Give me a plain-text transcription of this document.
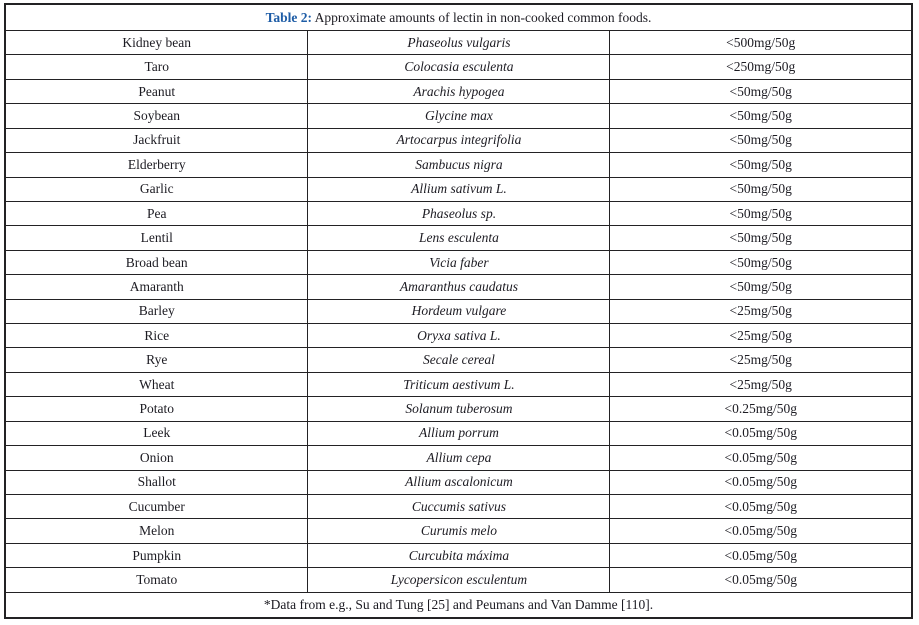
Table 2: Approximate amounts of lectin in non-cooked common foods.		
Kidney bean	Phaseolus vulgaris	<500mg/50g
Taro	Colocasia esculenta	<250mg/50g
Peanut	Arachis hypogea	<50mg/50g
Soybean	Glycine max	<50mg/50g
Jackfruit	Artocarpus integrifolia	<50mg/50g
Elderberry	Sambucus nigra	<50mg/50g
Garlic	Allium sativum L.	<50mg/50g
Pea	Phaseolus sp.	<50mg/50g
Lentil	Lens esculenta	<50mg/50g
Broad bean	Vicia faber	<50mg/50g
Amaranth	Amaranthus caudatus	<50mg/50g
Barley	Hordeum vulgare	<25mg/50g
Rice	Oryxa sativa L.	<25mg/50g
Rye	Secale cereal	<25mg/50g
Wheat	Triticum aestivum L.	<25mg/50g
Potato	Solanum tuberosum	<0.25mg/50g
Leek	Allium porrum	<0.05mg/50g
Onion	Allium cepa	<0.05mg/50g
Shallot	Allium ascalonicum	<0.05mg/50g
Cucumber	Cuccumis sativus	<0.05mg/50g
Melon	Curumis melo	<0.05mg/50g
Pumpkin	Curcubita máxima	<0.05mg/50g
Tomato	Lycopersicon esculentum	<0.05mg/50g
*Data from e.g., Su and Tung [25] and Peumans and Van Damme [110].		
